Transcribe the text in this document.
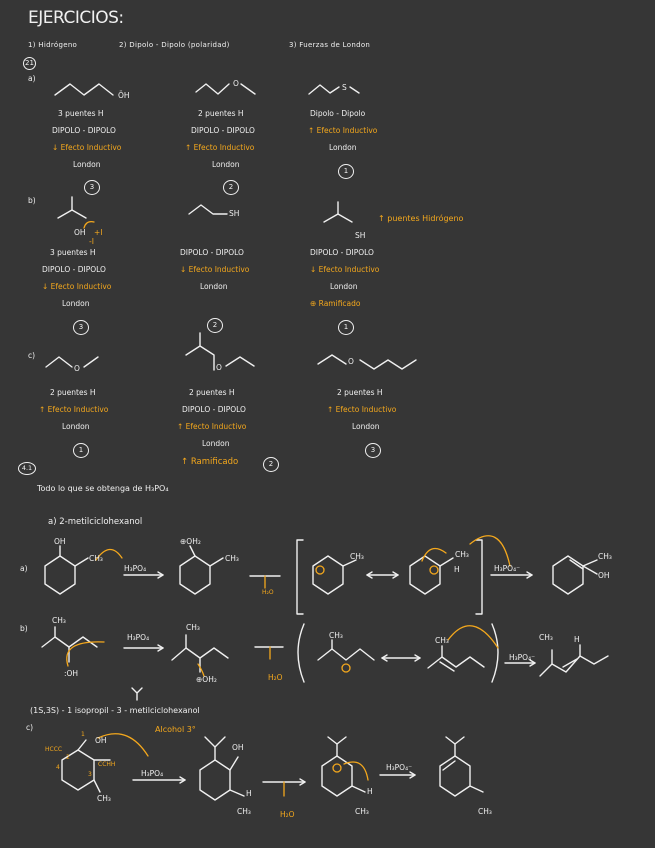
EJERCICIOS:
1) Hidrógeno	2) Dipolo - Dipolo (polaridad)	3) Fuerzas de London
21
a)
ÖH
O	S
3 puentes H
DIPOLO - DIPOLO
↓ Efecto Inductivo
London
3
2 puentes H
DIPOLO - DIPOLO
↑ Efecto Inductivo
London
2
Dipolo - Dipolo
↑ Efecto Inductivo
London
1
b)
OH +I
-I
SH
SH
↑ puentes Hidrógeno
3 puentes H
DIPOLO - DIPOLO
↓ Efecto Inductivo
London
3
DIPOLO - DIPOLO
↓ Efecto Inductivo
London
2
DIPOLO - DIPOLO
↓ Efecto Inductivo
London
⊕ Ramificado
1
c)
O	O
O
2 puentes H
↑ Efecto Inductivo
London
1
2 puentes H
DIPOLO - DIPOLO
↑ Efecto Inductivo
London
↑ Ramificado	2
2 puentes H
↑ Efecto Inductivo
London
3
4.1
Todo lo que se obtenga de H₃PO₄
a) 2-metilciclohexanol
a)
OH
CH₃
H₃PO₄
⊕OH₂
CH₃
H₂O
CH₃	CH₃
H	H₃PO₄⁻
CH₃
OH
b)
CH₃
:OH
H₃PO₄
CH₃
⊕OH₂	H₂O
CH₃
CH₃
H₃PO₄⁻
CH₃	H
(1S,3S) - 1 isopropil - 3 - metilciclohexanol
c)	Alcohol 3°
OH
HCCC
CCHH
1
2
3
4
CH₃
H₃PO₄
OH
H
CH₃	H₂O
H
CH₃
H₃PO₄⁻
CH₃
